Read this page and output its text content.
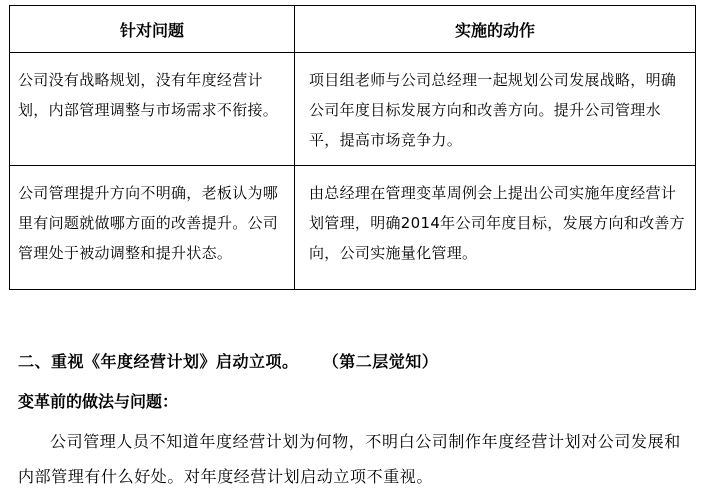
针对问题	实施的动作
公司没有战略规划，没有年度经营计划，内部管理调整与市场需求不衔接。	项目组老师与公司总经理一起规划公司发展战略，明确公司年度目标发展方向和改善方向。提升公司管理水平，提高市场竞争力。
公司管理提升方向不明确，老板认为哪里有问题就做哪方面的改善提升。公司管理处于被动调整和提升状态。	由总经理在管理变革周例会上提出公司实施年度经营计划管理，明确2014年公司年度目标，发展方向和改善方向，公司实施量化管理。
二、重视《年度经营计划》启动立项。 （第二层觉知）
变革前的做法与问题：
公司管理人员不知道年度经营计划为何物，不明白公司制作年度经营计划对公司发展和内部管理有什么好处。对年度经营计划启动立项不重视。
